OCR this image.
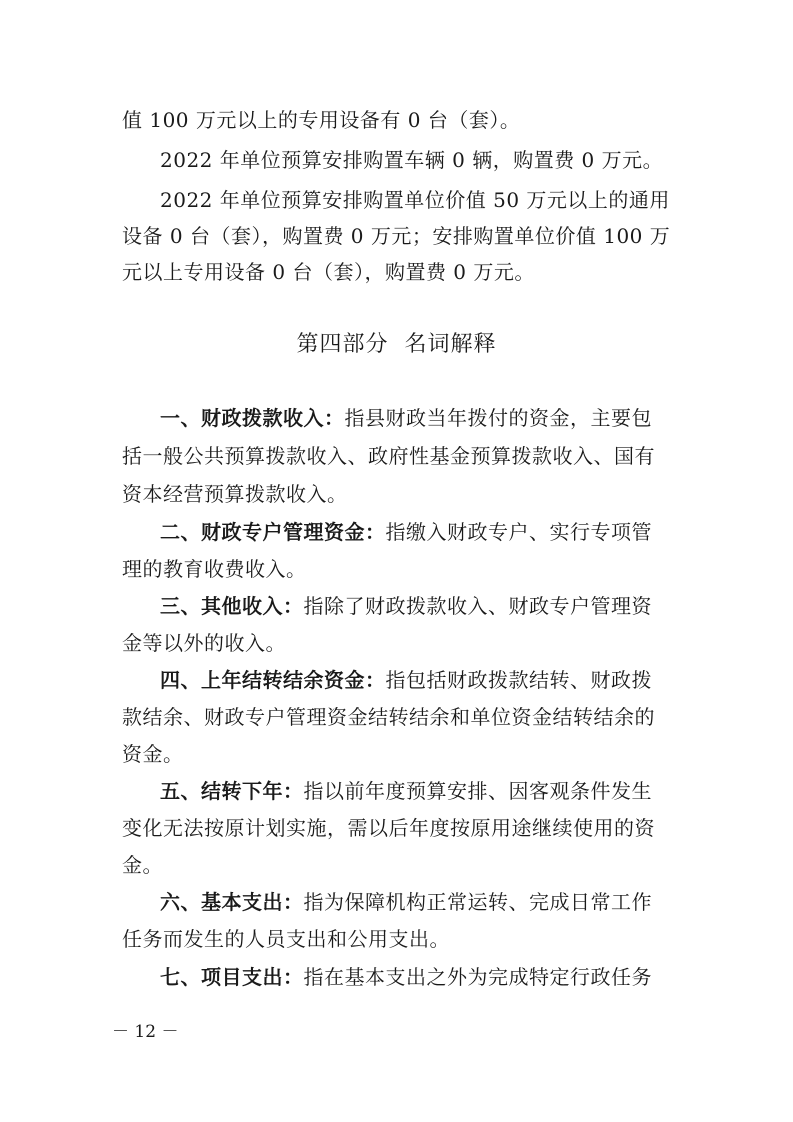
值 100 万元以上的专用设备有 0 台（套）。
2022 年单位预算安排购置车辆 0 辆，购置费 0 万元。
2022 年单位预算安排购置单位价值 50 万元以上的通用
设备 0 台（套），购置费 0 万元；安排购置单位价值 100 万
元以上专用设备 0 台（套），购置费 0 万元。
第四部分  名词解释
一、财政拨款收入：指县财政当年拨付的资金，主要包
括一般公共预算拨款收入、政府性基金预算拨款收入、国有
资本经营预算拨款收入。
二、财政专户管理资金：指缴入财政专户、实行专项管
理的教育收费收入。
三、其他收入：指除了财政拨款收入、财政专户管理资
金等以外的收入。
四、上年结转结余资金：指包括财政拨款结转、财政拨
款结余、财政专户管理资金结转结余和单位资金结转结余的
资金。
五、结转下年：指以前年度预算安排、因客观条件发生
变化无法按原计划实施，需以后年度按原用途继续使用的资
金。
六、基本支出：指为保障机构正常运转、完成日常工作
任务而发生的人员支出和公用支出。
七、项目支出：指在基本支出之外为完成特定行政任务
－ 12 －
